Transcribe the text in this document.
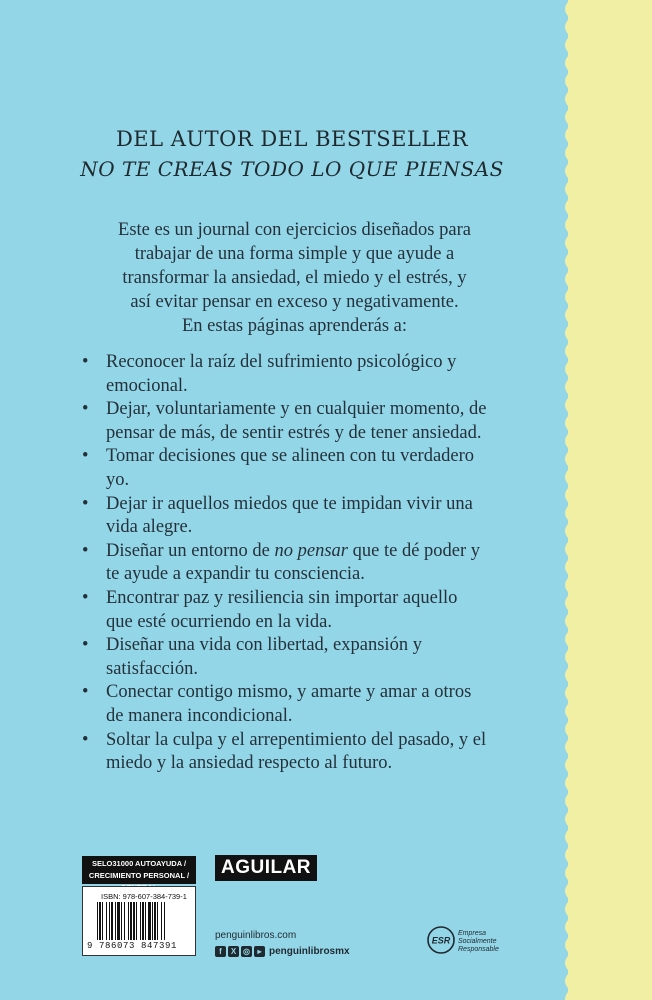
DEL AUTOR DEL BESTSELLER
NO TE CREAS TODO LO QUE PIENSAS
Este es un journal con ejercicios diseñados para
trabajar de una forma simple y que ayude a
transformar la ansiedad, el miedo y el estrés, y
así evitar pensar en exceso y negativamente.
En estas páginas aprenderás a:
• Reconocer la raíz del sufrimiento psicológico y
emocional.
• Dejar, voluntariamente y en cualquier momento, de
pensar de más, de sentir estrés y de tener ansiedad.
• Tomar decisiones que se alineen con tu verdadero
yo.
• Dejar ir aquellos miedos que te impidan vivir una
vida alegre.
• Diseñar un entorno de no pensar que te dé poder y
te ayude a expandir tu consciencia.
• Encontrar paz y resiliencia sin importar aquello
que esté ocurriendo en la vida.
• Diseñar una vida con libertad, expansión y
satisfacción.
• Conectar contigo mismo, y amarte y amar a otros
de manera incondicional.
• Soltar la culpa y el arrepentimiento del pasado, y el
miedo y la ansiedad respecto al futuro.
SELO31000 AUTOAYUDA /
CRECIMIENTO PERSONAL /
ISBN: 978-607-384-739-1
9 786073 847391
AGUILAR
penguinlibros.com
f	X ◎ ▸ penguinlibrosmx
ESR
Empresa
Socialmente
Responsable
